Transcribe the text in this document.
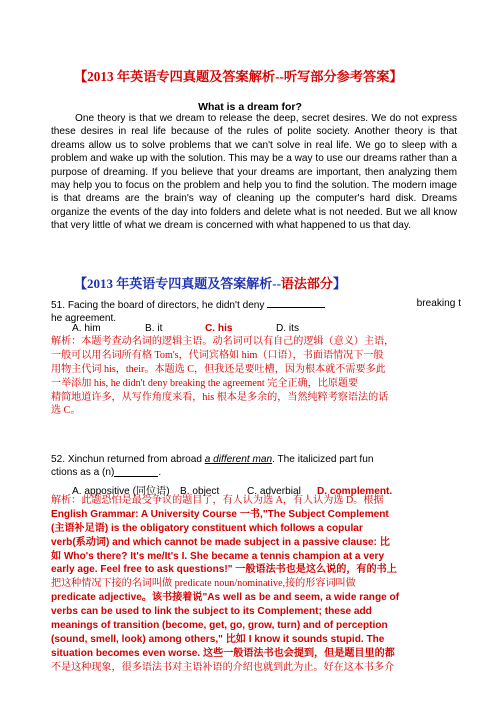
【2013 年英语专四真题及答案解析--听写部分参考答案】
What is a dream for?

One theory is that we dream to release the deep, secret desires. We do not express these desires in real life because of the rules of polite society. Another theory is that dreams allow us to solve problems that we can't solve in real life. We go to sleep with a problem and wake up with the solution. This may be a way to use our dreams rather than a purpose of dreaming. If you believe that your dreams are important, then analyzing them may help you to focus on the problem and help you to find the solution. The modern image is that dreams are the brain's way of cleaning up the computer's hard disk. Dreams organize the events of the day into folders and delete what is not needed. But we all know that very little of what we dream is concerned with what happened to us that day.

【2013 年英语专四真题及答案解析--语法部分】
51. Facing the board of directors, he didn't deny	breaking t
he agreement.
A. him	B. it	C. his	D. its
解析：本题考查动名词的逻辑主语。动名词可以有自己的逻辑（意义）主语，
一般可以用名词所有格 Tom's，代词宾格如 him（口语），书面语情况下一般
用物主代词 his，their。本题选 C，但我还是要吐槽，因为根本就不需要多此
一举添加 his, he didn't deny breaking the agreement 完全正确，比原题要
精简地道许多，从写作角度来看，his 根本是多余的，当然纯粹考察语法的话
选 C。
52. Xinchun returned from abroad a different man. The italicized part fun
ctions as a (n)	.
A. appositive (同位语) B. object	C. adverbial D. complement.
解析：此题恐怕是最受争议的题目了，有人认为选 A，有人认为选 D。根据
English Grammar: A University Course 一书,"The Subject Complement
(主语补足语) is the obligatory constituent which follows a copular
verb(系动词) and which cannot be made subject in a passive clause: 比
如 Who's there? It's me/It's I. She became a tennis champion at a very
early age. Feel free to ask questions!" 一般语法书也是这么说的，有的书上
把这种情况下接的名词叫做 predicate noun/nominative,接的形容词叫做
predicate adjective。该书接着说"As well as be and seem, a wide range of
verbs can be used to link the subject to its Complement; these add
meanings of transition (become, get, go, grow, turn) and of perception
(sound, smell, look) among others," 比如 I know it sounds stupid. The
situation becomes even worse. 这些一般语法书也会提到，但是题目里的都
不是这种现象，很多语法书对主语补语的介绍也就到此为止。好在这本书多介
